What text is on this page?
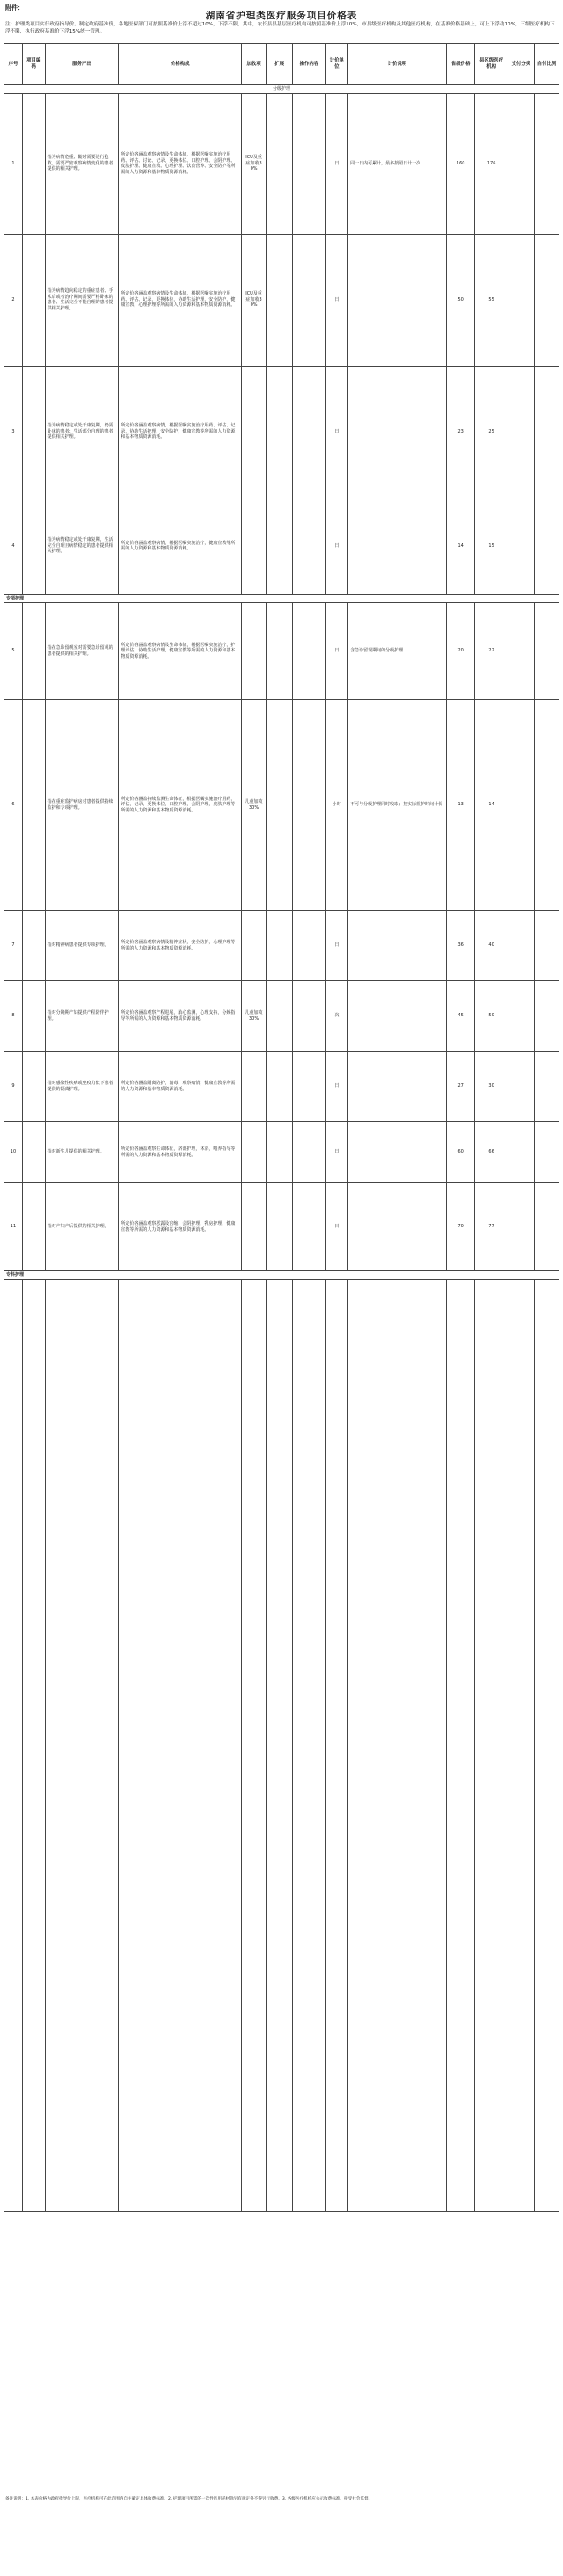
附件：
湖南省护理类医疗服务项目价格表
注：护理类项目实行政府指导价。制定政府基准价，各地医保部门可按照基准价上浮不超过10%，下浮不限，其中，农长县县基层医疗机构可按照基准价上浮10%，市县级医疗机构及其他医疗机构，在基准价格基础上，可上下浮动10%，三级医疗机构下浮不限，执行政府基准价下浮15%统一管理。
序号	项目编码	服务产出	价格构成	加收项	扩展	操作内容	计价单位	计价说明	省级价格	县区级医疗机构	支付分类	自付比例
分级护理												
1		指为病情危重、随时需要进行抢救、需要严密观察病情变化的患者提供的相关护理。	所定价格涵盖观察病情及生命体征，根据医嘱实施治疗用药、评估、讨论、记录，更换体位、口腔护理、会阴护理、皮肤护理、健康宣教、心理护理、饮食营养、安全防护等所需的人力资源和基本物质资源消耗。	ICU及重症加收30%			日	同一日内可累计，最多按照日计一次	160	176		
2		指为病情趋向稳定的重症患者、手术后或者治疗期间需要严格卧床的患者、生活完全不能自理的患者提供相关护理。	所定价格涵盖观察病情及生命体征，根据医嘱实施治疗用药、评估、记录，更换体位，协助生活护理，安全防护，健康宣教，心理护理等所需的人力资源和基本物质资源消耗。	ICU及重症加收30%			日		50	55		
3		指为病情稳定或处于康复期，仍需卧床的患者；生活部分自理的患者提供相关护理。	所定价格涵盖观察病情，根据医嘱实施治疗用药、评估、记录，协助生活护理，安全防护，健康宣教等所需的人力资源和基本物质资源消耗。				日		23	25		
4		指为病情稳定或处于康复期，生活完全自理且病情稳定的患者提供相关护理。	所定价格涵盖观察病情，根据医嘱实施治疗，健康宣教等所需的人力资源和基本物质资源消耗。				日		14	15		
专项护理												
5		指在急诊留观室对需要急诊留观的患者提供的相关护理。	所定价格涵盖观察病情及生命体征，根据医嘱实施治疗，护理评估，协助生活护理，健康宣教等所需的人力资源和基本物质资源消耗。				日	含急诊留观期间的分级护理	20	22		
6		指在重症监护病房对患者提供持续监护和专项护理。	所定价格涵盖持续监测生命体征，根据医嘱实施治疗用药，评估，记录，更换体位，口腔护理，会阴护理，皮肤护理等所需的人力资源和基本物质资源消耗。	儿童加收30%			小时	不可与分级护理同时收取；按实际监护时间计价	13	14		
7		指对精神病患者提供专项护理。	所定价格涵盖观察病情及精神症状，安全防护，心理护理等所需的人力资源和基本物质资源消耗。				日		36	40		
8		指对分娩期产妇提供产程陪伴护理。	所定价格涵盖观察产程进展，胎心监测，心理支持，分娩指导等所需的人力资源和基本物质资源消耗。	儿童加收30%			次		45	50		
9		指对感染性疾病或免疫力低下患者提供的隔离护理。	所定价格涵盖隔离防护，消毒，观察病情，健康宣教等所需的人力资源和基本物质资源消耗。				日		27	30		
10		指对新生儿提供的相关护理。	所定价格涵盖观察生命体征，脐部护理，沐浴，喂养指导等所需的人力资源和基本物质资源消耗。				日		60	66		
11		指对产妇产后提供的相关护理。	所定价格涵盖观察恶露及宫缩，会阴护理，乳房护理，健康宣教等所需的人力资源和基本物质资源消耗。				日		70	77		
专科护理												

备注说明：1. 本表价格为政府指导价上限，医疗机构可在此范围内自主确定具体收费标准。2. 护理项目所需的一次性医用耗材除另有规定外不得另行收费。3. 各级医疗机构应公示收费标准，接受社会监督。
